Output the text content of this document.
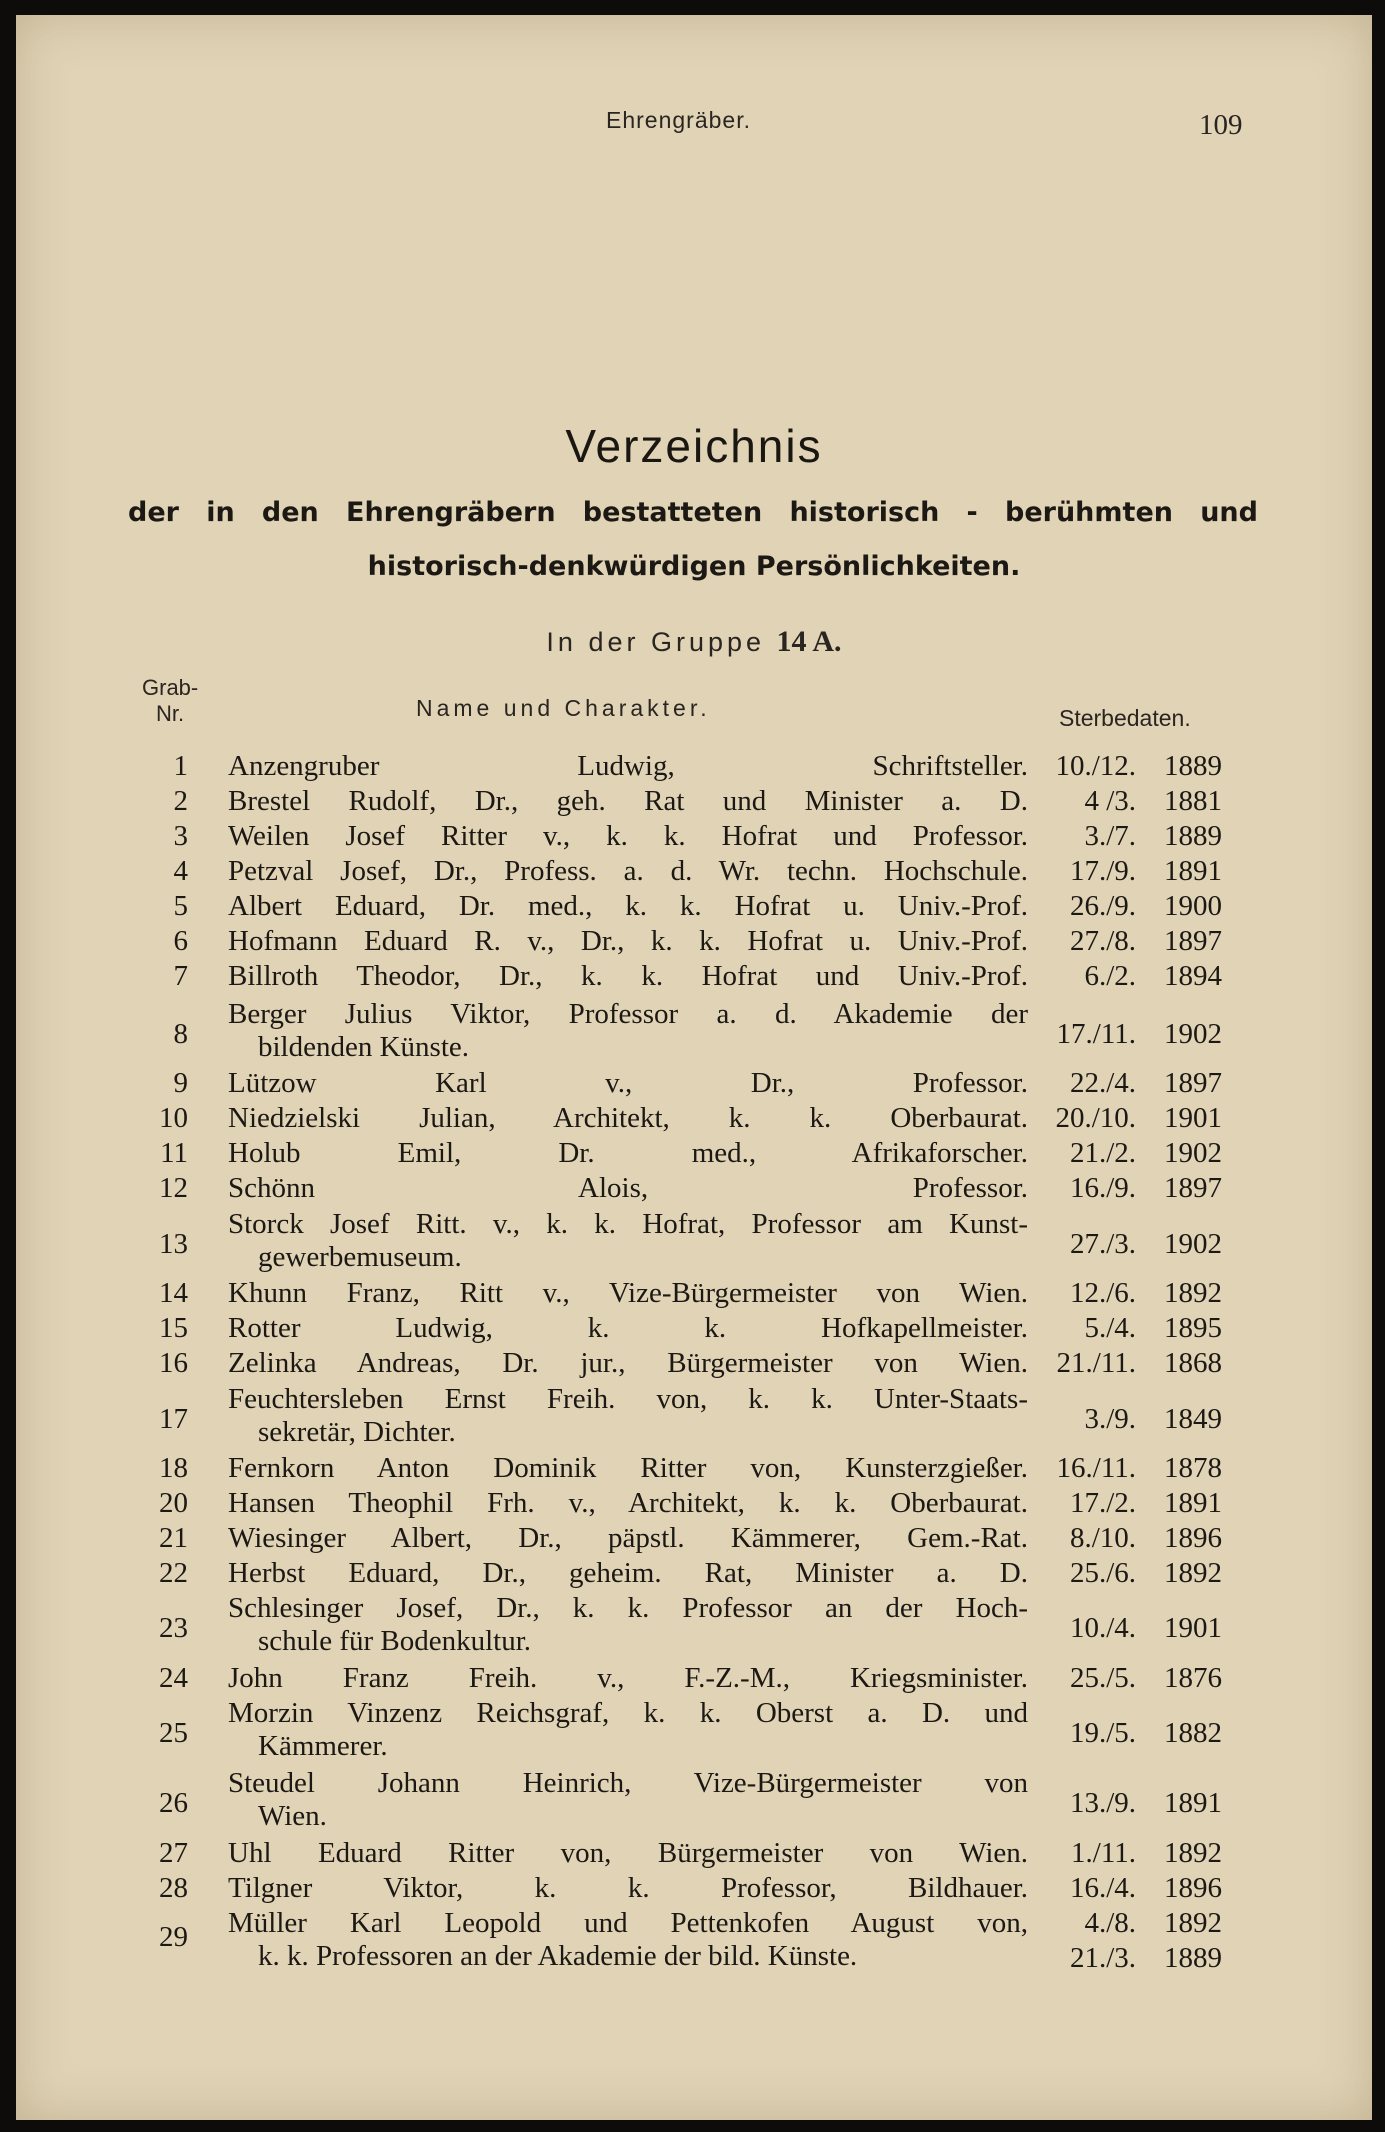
Ehrengräber.	109
Verzeichnis
der in den Ehrengräbern bestatteten historisch - berühmten und
historisch-denkwürdigen Persönlichkeiten.
In der Gruppe 14 A.
Grab-
Nr.	Name und Charakter.	Sterbedaten.
1 Anzengruber Ludwig, Schriftsteller. 10./12. 1889
2 Brestel Rudolf, Dr., geh. Rat und Minister a. D.	4 /3. 1881
3 Weilen Josef Ritter v., k. k. Hofrat und Professor.	3./7. 1889
4 Petzval Josef, Dr., Profess. a. d. Wr. techn. Hochschule.	17./9. 1891
5 Albert Eduard, Dr. med., k. k. Hofrat u. Univ.-Prof.	26./9. 1900
6 Hofmann Eduard R. v., Dr., k. k. Hofrat u. Univ.-Prof.	27./8. 1897
7 Billroth Theodor, Dr., k. k. Hofrat und Univ.-Prof.	6./2. 1894
8
Berger Julius Viktor, Professor a. d. Akademie der
bildenden Künste.	17./11. 1902
9 Lützow Karl v., Dr., Professor.	22./4. 1897
10 Niedzielski Julian, Architekt, k. k. Oberbaurat. 20./10. 1901
11 Holub Emil, Dr. med., Afrikaforscher.	21./2. 1902
12 Schönn Alois, Professor.	16./9. 1897
13
Storck Josef Ritt. v., k. k. Hofrat, Professor am Kunst-
gewerbemuseum.	27./3. 1902
14 Khunn Franz, Ritt v., Vize-Bürgermeister von Wien.	12./6. 1892
15 Rotter Ludwig, k. k. Hofkapellmeister.	5./4. 1895
16 Zelinka Andreas, Dr. jur., Bürgermeister von Wien. 21./11. 1868
17
Feuchtersleben Ernst Freih. von, k. k. Unter-Staats-
sekretär, Dichter.	3./9. 1849
18 Fernkorn Anton Dominik Ritter von, Kunsterzgießer. 16./11. 1878
20 Hansen Theophil Frh. v., Architekt, k. k. Oberbaurat.	17./2. 1891
21 Wiesinger Albert, Dr., päpstl. Kämmerer, Gem.-Rat.	8./10. 1896
22 Herbst Eduard, Dr., geheim. Rat, Minister a. D.	25./6. 1892
23
Schlesinger Josef, Dr., k. k. Professor an der Hoch-
schule für Bodenkultur.	10./4. 1901
24 John Franz Freih. v., F.-Z.-M., Kriegsminister.	25./5. 1876
25
Morzin Vinzenz Reichsgraf, k. k. Oberst a. D. und
Kämmerer.	19./5. 1882
26
Steudel Johann Heinrich, Vize-Bürgermeister von
Wien.	13./9. 1891
27 Uhl Eduard Ritter von, Bürgermeister von Wien.	1./11. 1892
28 Tilgner Viktor, k. k. Professor, Bildhauer.	16./4. 1896
29 Müller Karl Leopold und Pettenkofen August von,
k. k. Professoren an der Akademie der bild. Künste.
4./8. 1892
21./3. 1889
